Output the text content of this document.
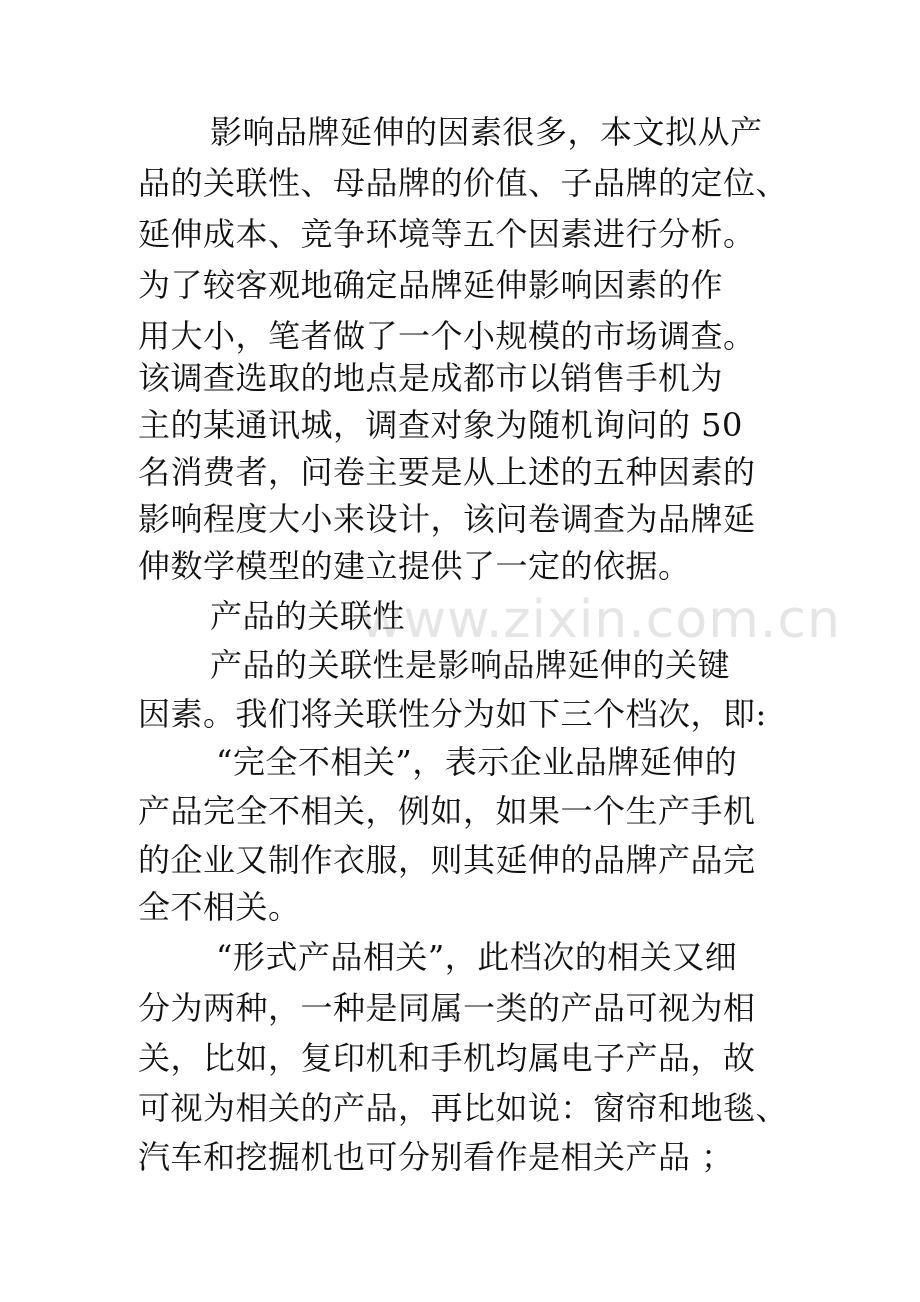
www.zixin.com.cn
影响品牌延伸的因素很多，本文拟从产
品的关联性、母品牌的价值、子品牌的定位、
延伸成本、竞争环境等五个因素进行分析。
为了较客观地确定品牌延伸影响因素的作
用大小，笔者做了一个小规模的市场调查。
该调查选取的地点是成都市以销售手机为
主的某通讯城，调查对象为随机询问的 50
名消费者，问卷主要是从上述的五种因素的
影响程度大小来设计，该问卷调查为品牌延
伸数学模型的建立提供了一定的依据。
产品的关联性
产品的关联性是影响品牌延伸的关键
因素。我们将关联性分为如下三个档次，即:
“完全不相关”，表示企业品牌延伸的
产品完全不相关，例如，如果一个生产手机
的企业又制作衣服，则其延伸的品牌产品完
全不相关。
“形式产品相关”，此档次的相关又细
分为两种，一种是同属一类的产品可视为相
关，比如，复印机和手机均属电子产品，故
可视为相关的产品，再比如说：窗帘和地毯、
汽车和挖掘机也可分别看作是相关产品 ；
